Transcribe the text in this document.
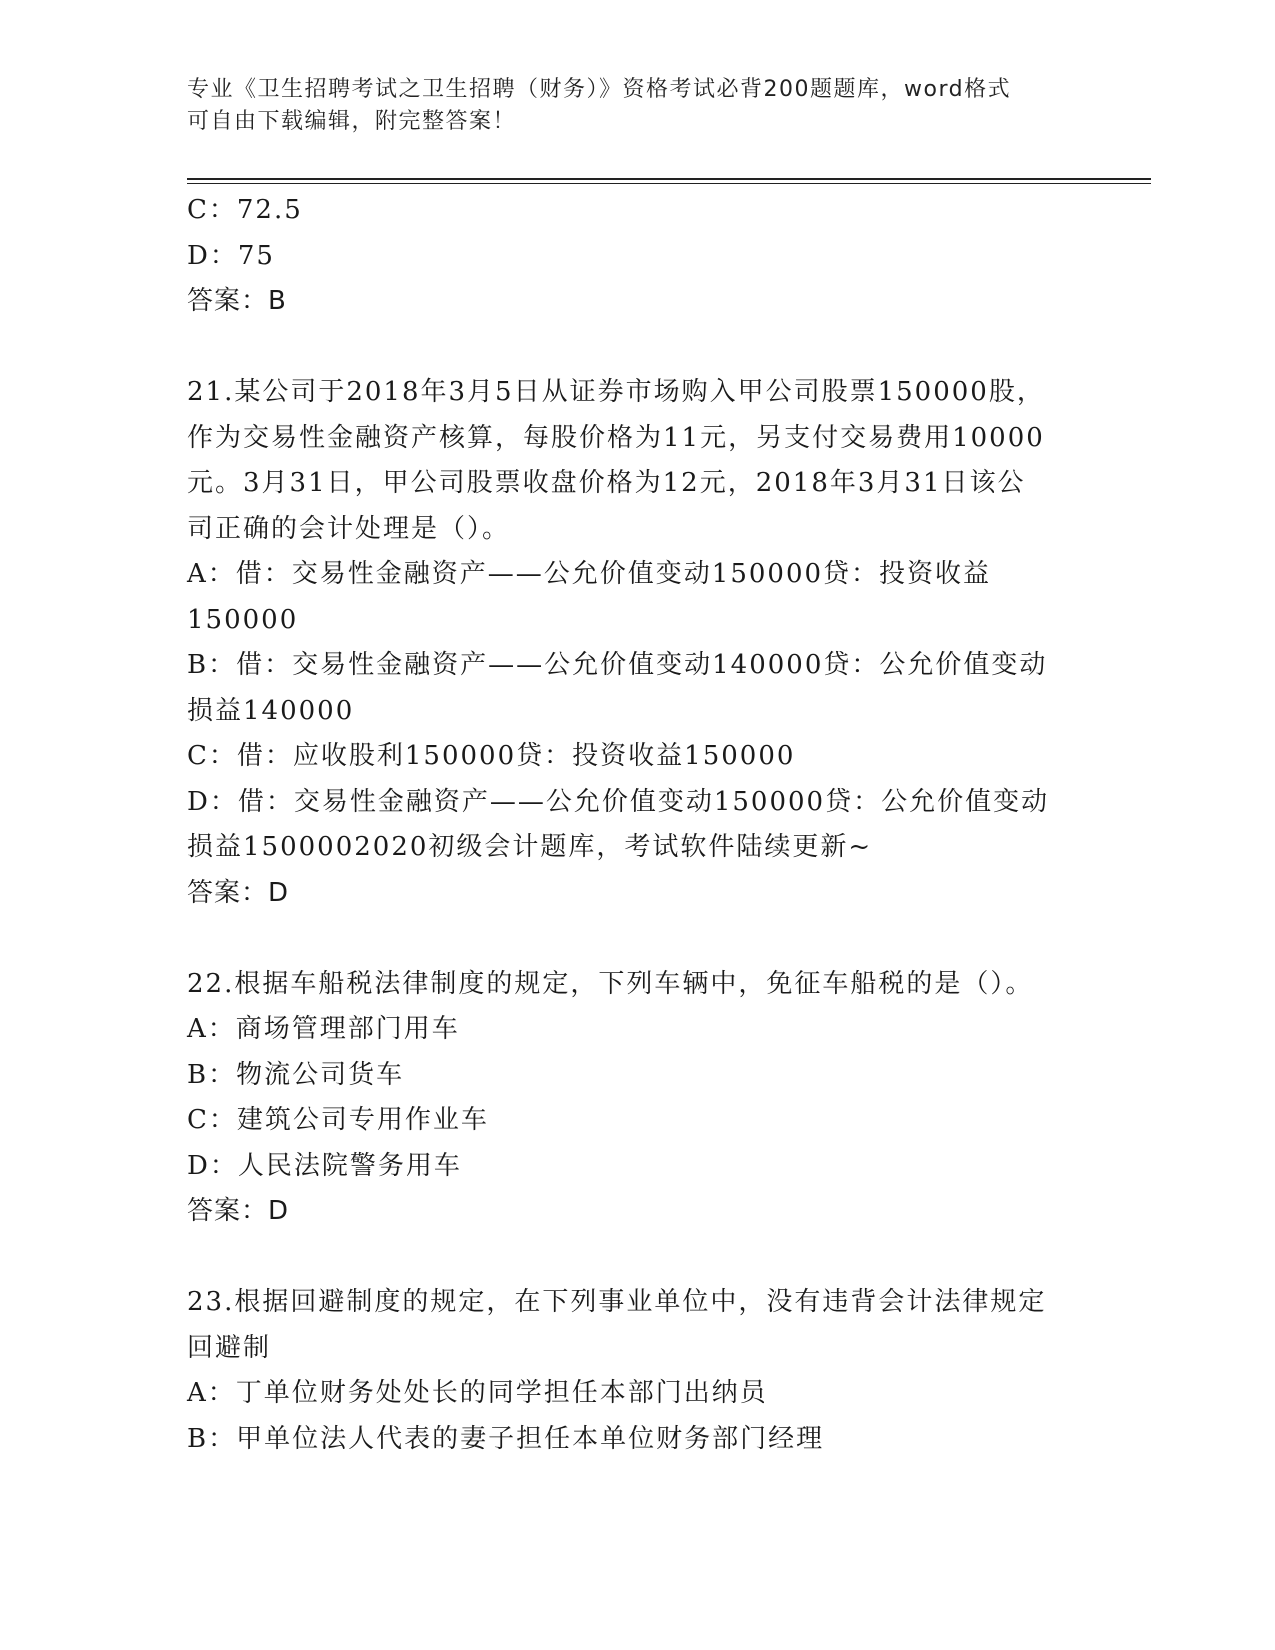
专业《卫生招聘考试之卫生招聘（财务）》资格考试必背200题题库，word格式
可自由下载编辑，附完整答案！
C：72.5
D：75
答案：B
21.某公司于2018年3月5日从证券市场购入甲公司股票150000股，
作为交易性金融资产核算，每股价格为11元，另支付交易费用10000
元。3月31日，甲公司股票收盘价格为12元，2018年3月31日该公
司正确的会计处理是（）。
A：借：交易性金融资产——公允价值变动150000贷：投资收益
150000
B：借：交易性金融资产——公允价值变动140000贷：公允价值变动
损益140000
C：借：应收股利150000贷：投资收益150000
D：借：交易性金融资产——公允价值变动150000贷：公允价值变动
损益1500002020初级会计题库，考试软件陆续更新~
答案：D
22.根据车船税法律制度的规定，下列车辆中，免征车船税的是（）。
A：商场管理部门用车
B：物流公司货车
C：建筑公司专用作业车
D：人民法院警务用车
答案：D
23.根据回避制度的规定，在下列事业单位中，没有违背会计法律规定
回避制
A：丁单位财务处处长的同学担任本部门出纳员
B：甲单位法人代表的妻子担任本单位财务部门经理
